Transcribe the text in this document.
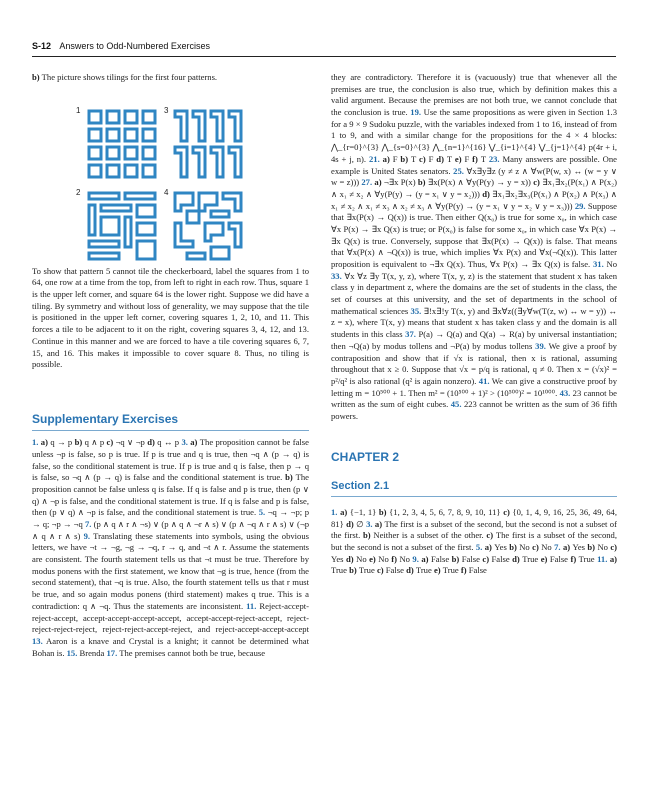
S-12 Answers to Odd-Numbered Exercises

b) The picture shows tilings for the first four patterns.

1	3
2	4

To show that pattern 5 cannot tile the checkerboard, label the squares from 1 to 64, one row at a time from the top, from left to right in each row. Thus, square 1 is the upper left corner, and square 64 is the lower right. Suppose we did have a tiling. By symmetry and without loss of generality, we may suppose that the tile is positioned in the upper left corner, covering squares 1, 2, 10, and 11. This forces a tile to be adjacent to it on the right, covering squares 3, 4, 12, and 13. Continue in this manner and we are forced to have a tile covering squares 6, 7, 15, and 16. This makes it impossible to cover square 8. Thus, no tiling is possible.

Supplementary Exercises

1. a) q → p b) q ∧ p c) ¬q ∨ ¬p d) q ↔ p 3. a) The proposition cannot be false unless ¬p is false, so p is true. If p is true and q is true, then ¬q ∧ (p → q) is false, so the conditional statement is true. If p is true and q is false, then p → q is false, so ¬q ∧ (p → q) is false and the conditional statement is true. b) The proposition cannot be false unless q is false. If q is false and p is true, then (p ∨ q) ∧ ¬p is false, and the conditional statement is true. If q is false and p is false, then (p ∨ q) ∧ ¬p is false, and the conditional statement is true. 5. ¬q → ¬p; p → q; ¬p → ¬q 7. (p ∧ q ∧ r ∧ ¬s) ∨ (p ∧ q ∧ ¬r ∧ s) ∨ (p ∧ ¬q ∧ r ∧ s) ∨ (¬p ∧ q ∧ r ∧ s) 9. Translating these statements into symbols, using the obvious letters, we have ¬t → ¬g, ¬g → ¬q, r → q, and ¬t ∧ r. Assume the statements are consistent. The fourth statement tells us that ¬t must be true. Therefore by modus ponens with the first statement, we know that ¬g is true, hence (from the second statement), that ¬q is true. Also, the fourth statement tells us that r must be true, and so again modus ponens (third statement) makes q true. This is a contradiction: q ∧ ¬q. Thus the statements are inconsistent. 11. Reject-accept-reject-accept, accept-accept-accept-accept, accept-accept-reject-accept, reject-reject-reject-reject, reject-reject-accept-reject, and reject-accept-accept-accept 13. Aaron is a knave and Crystal is a knight; it cannot be determined what Bohan is. 15. Brenda 17. The premises cannot both be true, because

they are contradictory. Therefore it is (vacuously) true that whenever all the premises are true, the conclusion is also true, which by definition makes this a valid argument. Because the premises are not both true, we cannot conclude that the conclusion is true. 19. Use the same propositions as were given in Section 1.3 for a 9 × 9 Sudoku puzzle, with the variables indexed from 1 to 16, instead of from 1 to 9, and with a similar change for the propositions for the 4 × 4 blocks: ⋀_{r=0}^{3} ⋀_{s=0}^{3} ⋀_{n=1}^{16} ⋁_{i=1}^{4} ⋁_{j=1}^{4} p(4r + i, 4s + j, n). 21. a) F b) T c) F d) T e) F f) T 23. Many answers are possible. One example is United States senators. 25. ∀x∃y∃z (y ≠ z ∧ ∀w(P(w, x) ↔ (w = y ∨ w = z))) 27. a) ¬∃x P(x) b) ∃x(P(x) ∧ ∀y(P(y) → y = x)) c) ∃x₁∃x₂(P(x₁) ∧ P(x₂) ∧ x₁ ≠ x₂ ∧ ∀y(P(y) → (y = x₁ ∨ y = x₂))) d) ∃x₁∃x₂∃x₃(P(x₁) ∧ P(x₂) ∧ P(x₃) ∧ x₁ ≠ x₂ ∧ x₁ ≠ x₃ ∧ x₂ ≠ x₃ ∧ ∀y(P(y) → (y = x₁ ∨ y = x₂ ∨ y = x₃))) 29. Suppose that ∃x(P(x) → Q(x)) is true. Then either Q(x₀) is true for some x₀, in which case ∀x P(x) → ∃x Q(x) is true; or P(x₀) is false for some x₀, in which case ∀x P(x) → ∃x Q(x) is true. Conversely, suppose that ∃x(P(x) → Q(x)) is false. That means that ∀x(P(x) ∧ ¬Q(x)) is true, which implies ∀x P(x) and ∀x(¬Q(x)). This latter proposition is equivalent to ¬∃x Q(x). Thus, ∀x P(x) → ∃x Q(x) is false. 31. No 33. ∀x ∀z ∃y T(x, y, z), where T(x, y, z) is the statement that student x has taken class y in department z, where the domains are the set of students in the class, the set of courses at this university, and the set of departments in the school of mathematical sciences 35. ∃!x∃!y T(x, y) and ∃x∀z((∃y∀w(T(z, w) ↔ w = y)) ↔ z = x), where T(x, y) means that student x has taken class y and the domain is all students in this class 37. P(a) → Q(a) and Q(a) → R(a) by universal instantiation; then ¬Q(a) by modus tollens and ¬P(a) by modus tollens 39. We give a proof by contraposition and show that if √x is rational, then x is rational, assuming throughout that x ≥ 0. Suppose that √x = p/q is rational, q ≠ 0. Then x = (√x)² = p²/q² is also rational (q² is again nonzero). 41. We can give a constructive proof by letting m = 10⁵⁰⁰ + 1. Then m² = (10⁵⁰⁰ + 1)² > (10⁵⁰⁰)² = 10¹⁰⁰⁰. 43. 23 cannot be written as the sum of eight cubes. 45. 223 cannot be written as the sum of 36 fifth powers.

CHAPTER 2
Section 2.1

1. a) {−1, 1} b) {1, 2, 3, 4, 5, 6, 7, 8, 9, 10, 11} c) {0, 1, 4, 9, 16, 25, 36, 49, 64, 81} d) ∅ 3. a) The first is a subset of the second, but the second is not a subset of the first. b) Neither is a subset of the other. c) The first is a subset of the second, but the second is not a subset of the first. 5. a) Yes b) No c) No 7. a) Yes b) No c) Yes d) No e) No f) No 9. a) False b) False c) False d) True e) False f) True 11. a) True b) True c) False d) True e) True f) False
